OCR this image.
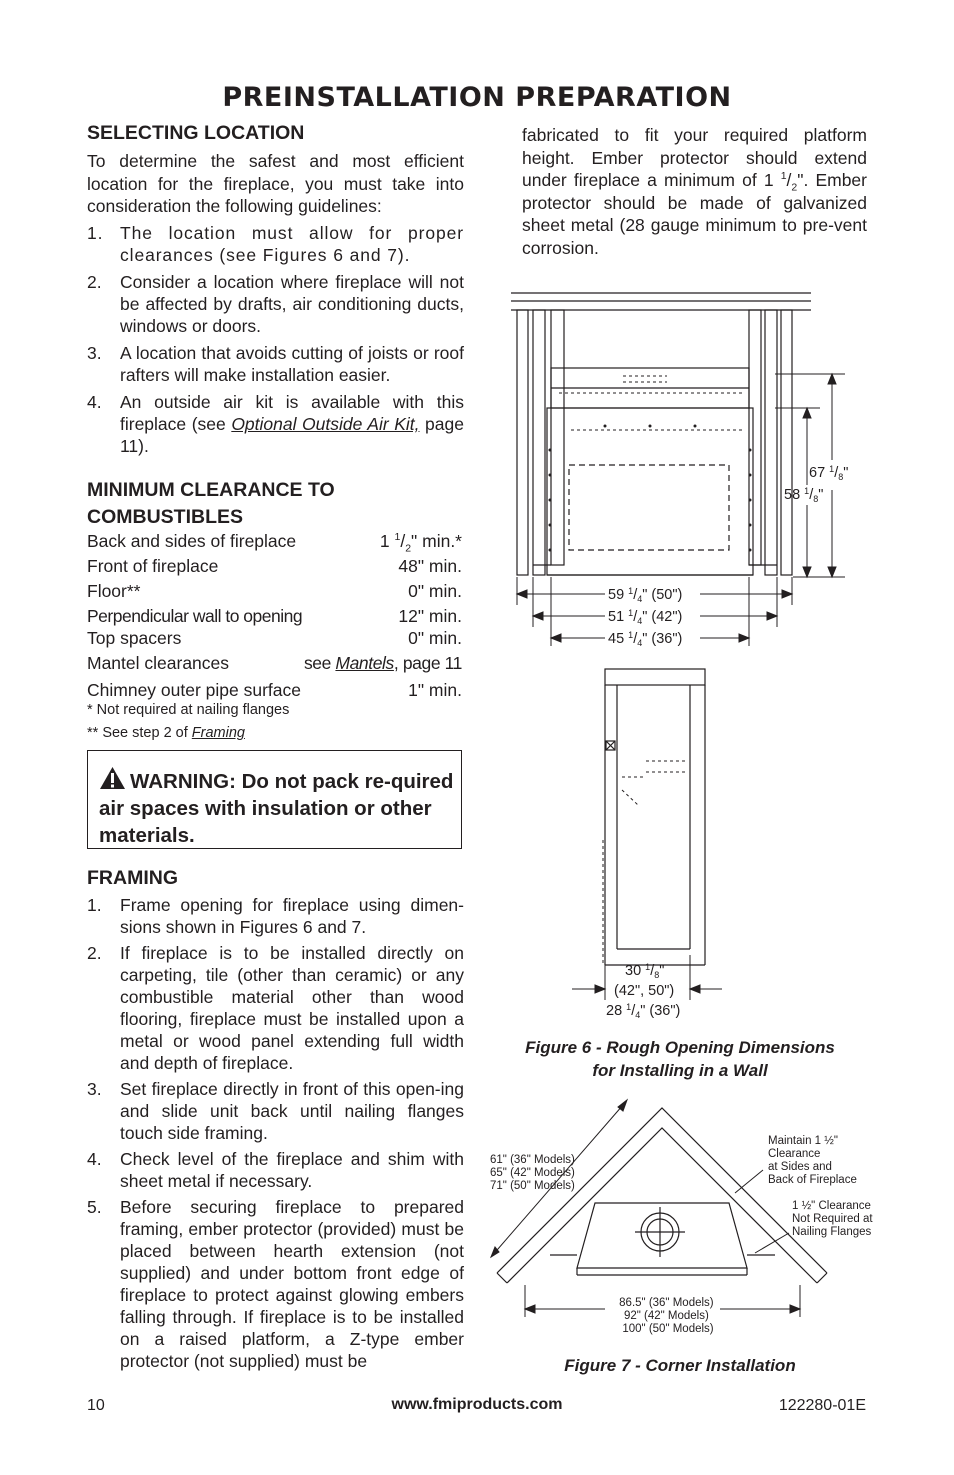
PREINSTALLATION PREPARATION
SELECTING LOCATION
To determine the safest and most efficient location for the fireplace, you must take into consideration the following guidelines:
1. The location must allow for proper clearances (see Figures 6 and 7).
2. Consider a location where fireplace will not be affected by drafts, air conditioning ducts, windows or doors.
3. A location that avoids cutting of joists or roof rafters will make installation easier.
4. An outside air kit is available with this fireplace (see Optional Outside Air Kit, page 11).
MINIMUM CLEARANCE TO
COMBUSTIBLES
Back and sides of fireplace	1 $^1/_2$" min.*
Front of fireplace	48" min.
Floor**	0" min.
Perpendicular wall to opening	12" min.
Top spacers	0" min.
Mantel clearances	see Mantels, page 11
Chimney outer pipe surface	1" min.
* Not required at nailing flanges
** See step 2 of Framing
WARNING: Do not pack re-quired air spaces with insulation or other materials.
FRAMING
1. Frame opening for fireplace using dimen-sions shown in Figures 6 and 7.
2. If fireplace is to be installed directly on carpeting, tile (other than ceramic) or any combustible material other than wood flooring, fireplace must be installed upon a metal or wood panel extending full width and depth of fireplace.
3. Set fireplace directly in front of this open-ing and slide unit back until nailing flanges touch side framing.
4. Check level of the fireplace and shim with sheet metal if necessary.
5. Before securing fireplace to prepared framing, ember protector (provided) must be placed between hearth extension (not supplied) and under bottom front edge of fireplace to protect against glowing embers falling through. If fireplace is to be installed on a raised platform, a Z-type ember protector (not supplied) must be
fabricated to fit your required platform height. Ember protector should extend under fireplace a minimum of 1 $^1/_2$". Ember protector should be made of galvanized sheet metal (28 gauge minimum to pre-vent corrosion.
67 $^1/_8$"
58 $^1/_8$"
59 $^1/_4$" (50")
51 $^1/_4$" (42")
45 $^1/_4$" (36")
30 $^1/_8$"
(42", 50")
28 $^1/_4$" (36")
Figure 6 - Rough Opening Dimensions
for Installing in a Wall
61" (36" Models) 65" (42" Models) 71" (50" Models)
Maintain 1 ½" Clearance at Sides and Back of Fireplace
1 ½" Clearance Not Required at Nailing Flanges
86.5" (36" Models) 92" (42" Models) 100" (50" Models)
Figure 7 - Corner Installation
10	www.fmiproducts.com	122280-01E
